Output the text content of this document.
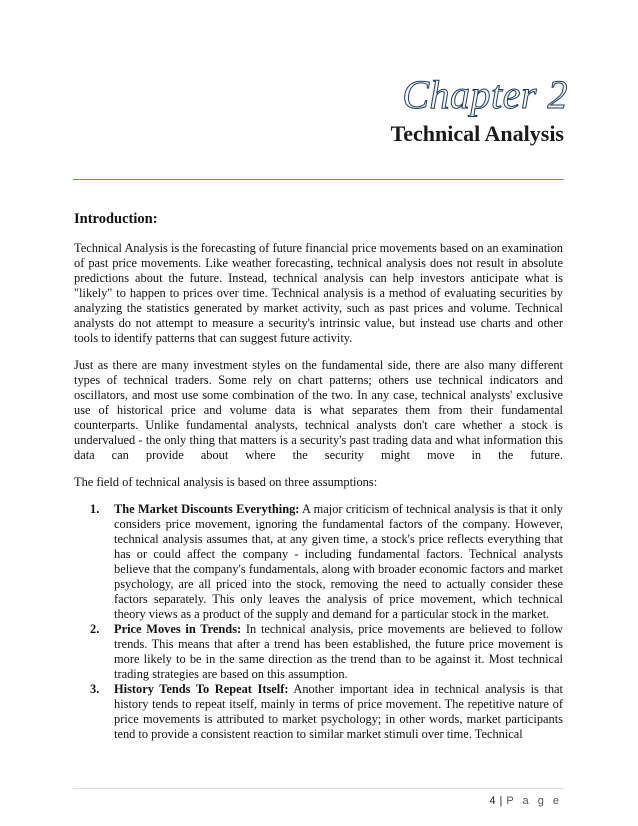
Chapter 2
Technical Analysis
Introduction:

Technical Analysis is the forecasting of future financial price movements based on an examination of past price movements. Like weather forecasting, technical analysis does not result in absolute predictions about the future. Instead, technical analysis can help investors anticipate what is "likely" to happen to prices over time. Technical analysis is a method of evaluating securities by analyzing the statistics generated by market activity, such as past prices and volume. Technical analysts do not attempt to measure a security's intrinsic value, but instead use charts and other tools to identify patterns that can suggest future activity.

Just as there are many investment styles on the fundamental side, there are also many different types of technical traders. Some rely on chart patterns; others use technical indicators and oscillators, and most use some combination of the two. In any case, technical analysts' exclusive use of historical price and volume data is what separates them from their fundamental counterparts. Unlike fundamental analysts, technical analysts don't care whether a stock is undervalued - the only thing that matters is a security's past trading data and what information this data can provide about where the security might move in the future.

The field of technical analysis is based on three assumptions:

1. The Market Discounts Everything: A major criticism of technical analysis is that it only considers price movement, ignoring the fundamental factors of the company. However, technical analysis assumes that, at any given time, a stock's price reflects everything that has or could affect the company - including fundamental factors. Technical analysts believe that the company's fundamentals, along with broader economic factors and market psychology, are all priced into the stock, removing the need to actually consider these factors separately. This only leaves the analysis of price movement, which technical theory views as a product of the supply and demand for a particular stock in the market.
2. Price Moves in Trends: In technical analysis, price movements are believed to follow trends. This means that after a trend has been established, the future price movement is more likely to be in the same direction as the trend than to be against it. Most technical trading strategies are based on this assumption.
3. History Tends To Repeat Itself: Another important idea in technical analysis is that history tends to repeat itself, mainly in terms of price movement. The repetitive nature of price movements is attributed to market psychology; in other words, market participants tend to provide a consistent reaction to similar market stimuli over time. Technical
4 | P a g e
